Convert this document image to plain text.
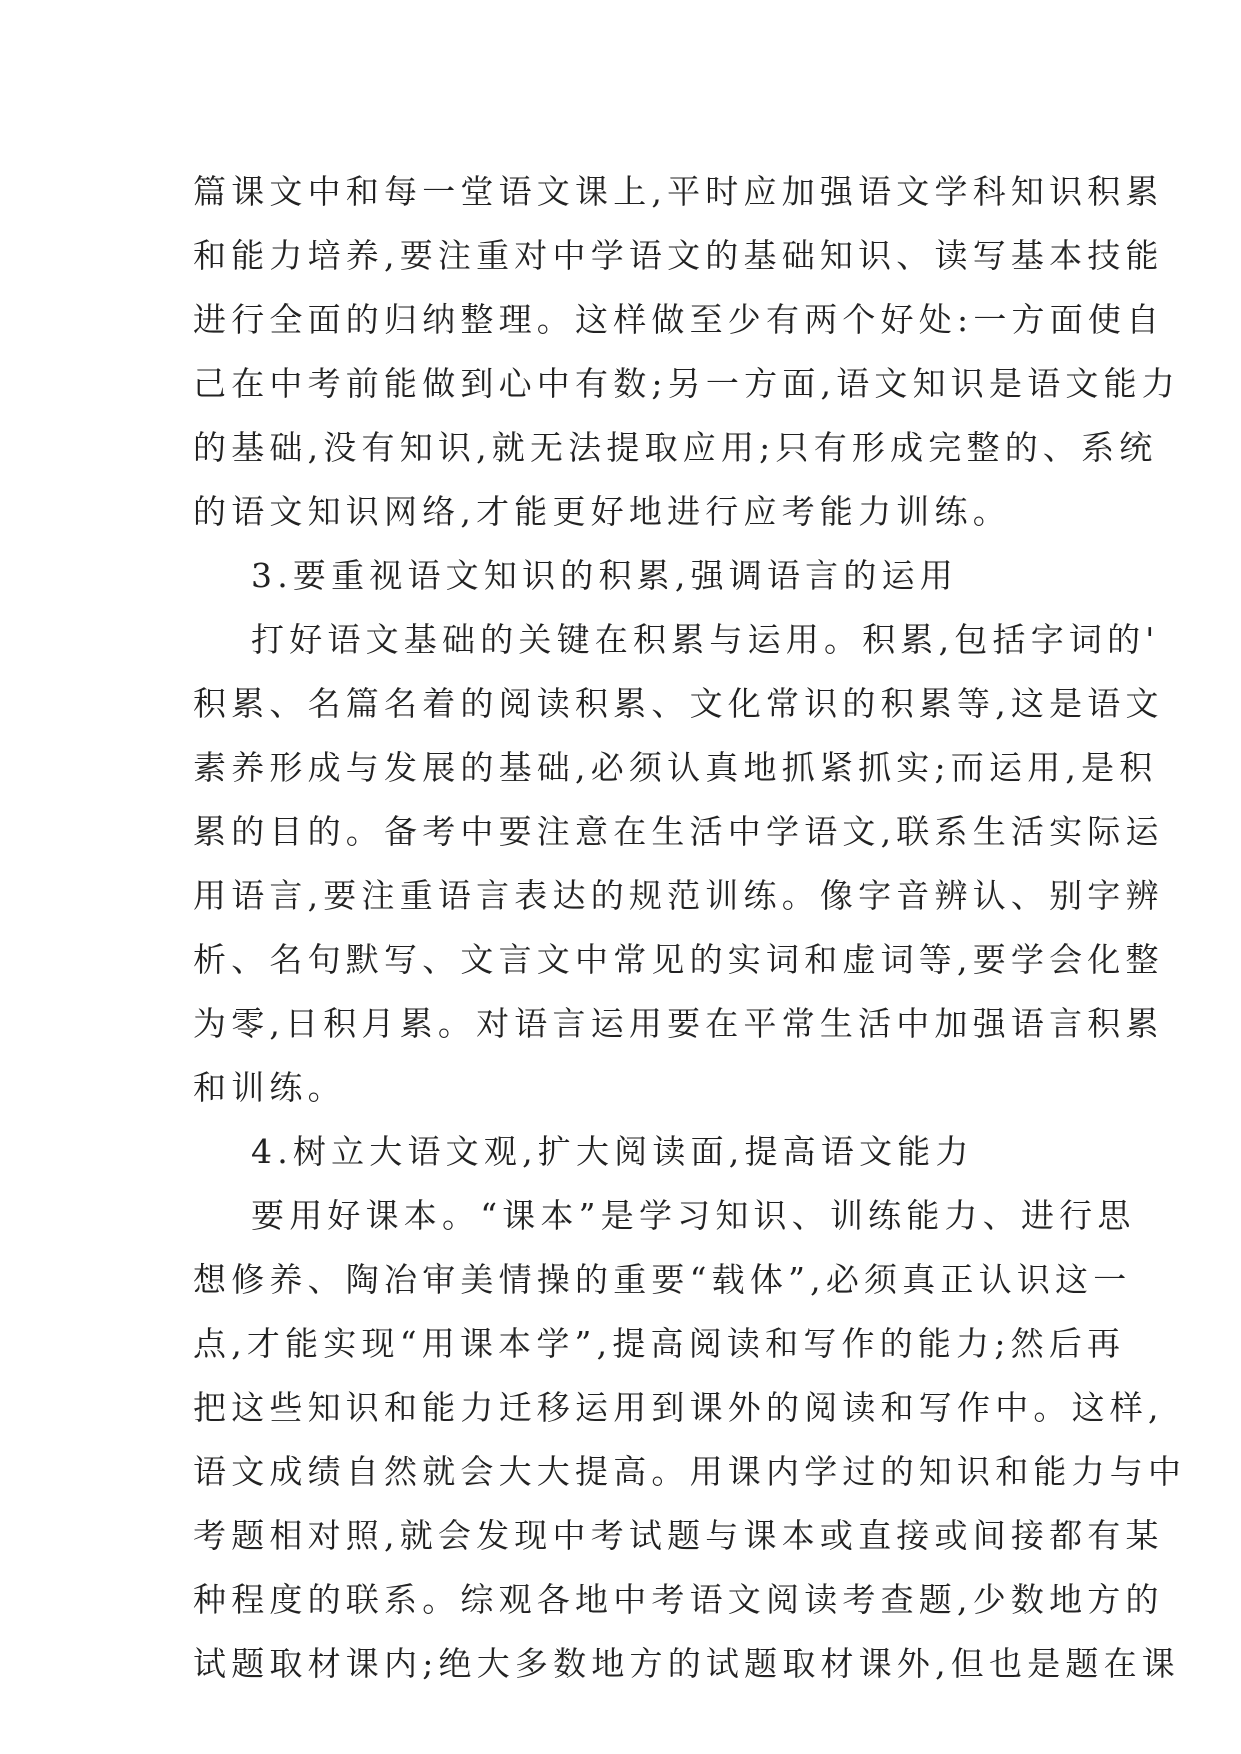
篇课文中和每一堂语文课上,平时应加强语文学科知识积累
和能力培养,要注重对中学语文的基础知识、读写基本技能
进行全面的归纳整理。这样做至少有两个好处:一方面使自
己在中考前能做到心中有数;另一方面,语文知识是语文能力
的基础,没有知识,就无法提取应用;只有形成完整的、系统
的语文知识网络,才能更好地进行应考能力训练。
3.要重视语文知识的积累,强调语言的运用
打好语文基础的关键在积累与运用。积累,包括字词的'
积累、名篇名着的阅读积累、文化常识的积累等,这是语文
素养形成与发展的基础,必须认真地抓紧抓实;而运用,是积
累的目的。备考中要注意在生活中学语文,联系生活实际运
用语言,要注重语言表达的规范训练。像字音辨认、别字辨
析、名句默写、文言文中常见的实词和虚词等,要学会化整
为零,日积月累。对语言运用要在平常生活中加强语言积累
和训练。
4.树立大语文观,扩大阅读面,提高语文能力
要用好课本。“课本”是学习知识、训练能力、进行思
想修养、陶冶审美情操的重要“载体”,必须真正认识这一
点,才能实现“用课本学”,提高阅读和写作的能力;然后再
把这些知识和能力迁移运用到课外的阅读和写作中。这样,
语文成绩自然就会大大提高。用课内学过的知识和能力与中
考题相对照,就会发现中考试题与课本或直接或间接都有某
种程度的联系。综观各地中考语文阅读考查题,少数地方的
试题取材课内;绝大多数地方的试题取材课外,但也是题在课
